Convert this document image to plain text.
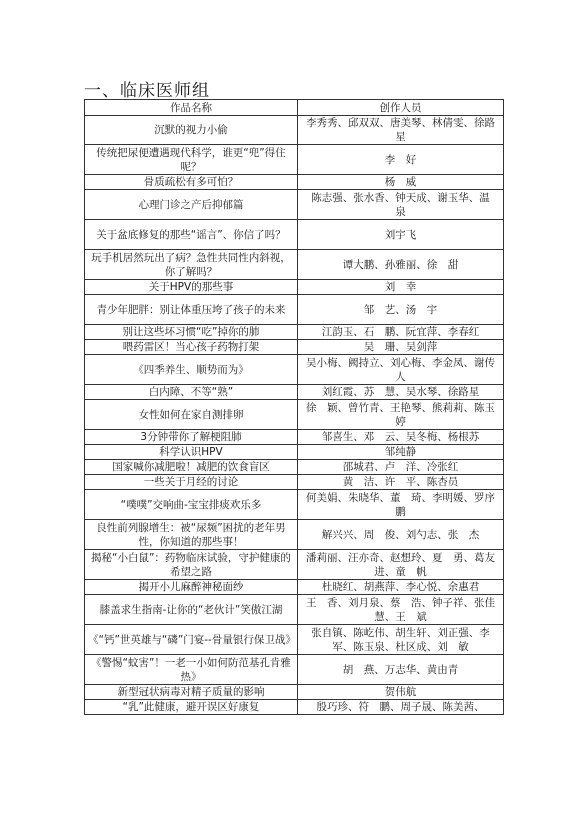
一、临床医师组
作品名称	创作人员
沉默的视力小偷	李秀秀、邱双双、唐美琴、林倩雯、徐路星
传统把尿便遭遇现代科学，谁更“兜”得住呢？	李　好
骨质疏松有多可怕？	杨　威
心理门诊之产后抑郁篇	陈志强、张水香、钟天成、谢玉华、温　泉
关于盆底修复的那些“谣言”、你信了吗？	刘宇飞
玩手机居然玩出了病？急性共同性内斜视，你了解吗？	谭大鹏、孙雅丽、徐　甜
关于HPV的那些事	刘　幸
青少年肥胖：别让体重压垮了孩子的未来	邹　艺、汤　宇
别让这些坏习惯“吃”掉你的肺	江韵玉、石　鹏、阮宜萍、李春红
喂药雷区！当心孩子药物打架	吴　珊、吴剑萍
《四季养生、顺势而为》	吴小梅、阙持立、刘心梅、李金凤、谢传人
白内障、不等“熟”	刘红霞、苏　慧、吴水琴、徐路星
女性如何在家自测排卵	徐　颖、曾竹青、王艳琴、熊莉莉、陈玉婷
3分钟带你了解梗阻肺	邹喜生、邓　云、吴冬梅、杨根苏
科学认识HPV	邹纯静
国家喊你减肥啦！减肥的饮食盲区	邵城君、卢　洋、冷张红
一些关于月经的讨论	黄　洁、许　平、陈杏员
“噗噗”交响曲-宝宝排痰欢乐多	何美娟、朱晓华、董　琦、李明媛、罗序鹏
良性前列腺增生：被“尿频”困扰的老年男性，你知道的那些事！	解兴兴、周　俊、刘勺志、张　杰
揭秘“小白鼠”：药物临床试验，守护健康的希望之路	潘莉丽、汪亦奇、赵想玲、夏　勇、葛友进、童　帆
揭开小儿麻醉神秘面纱	杜晓红、胡燕萍、李心悦、余惠君
膝盖求生指南-让你的“老伙计”笑傲江湖	王　香、刘月泉、蔡　浩、钟子祥、张佳慧、王　斌
《“钙”世英雄与“磷”门宴--骨量银行保卫战》	张自镇、陈屹伟、胡生轩、刘正强、李　军、陈玉泉、杜区成、刘　敏
《警惕“蚊害”！一老一小如何防范基孔肯雅热》	胡　燕、万志华、黄由青
新型冠状病毒对精子质量的影响	贺伟航
“乳”此健康，避开误区好康复	殷巧珍、符　鹏、周子晟、陈美茜、
